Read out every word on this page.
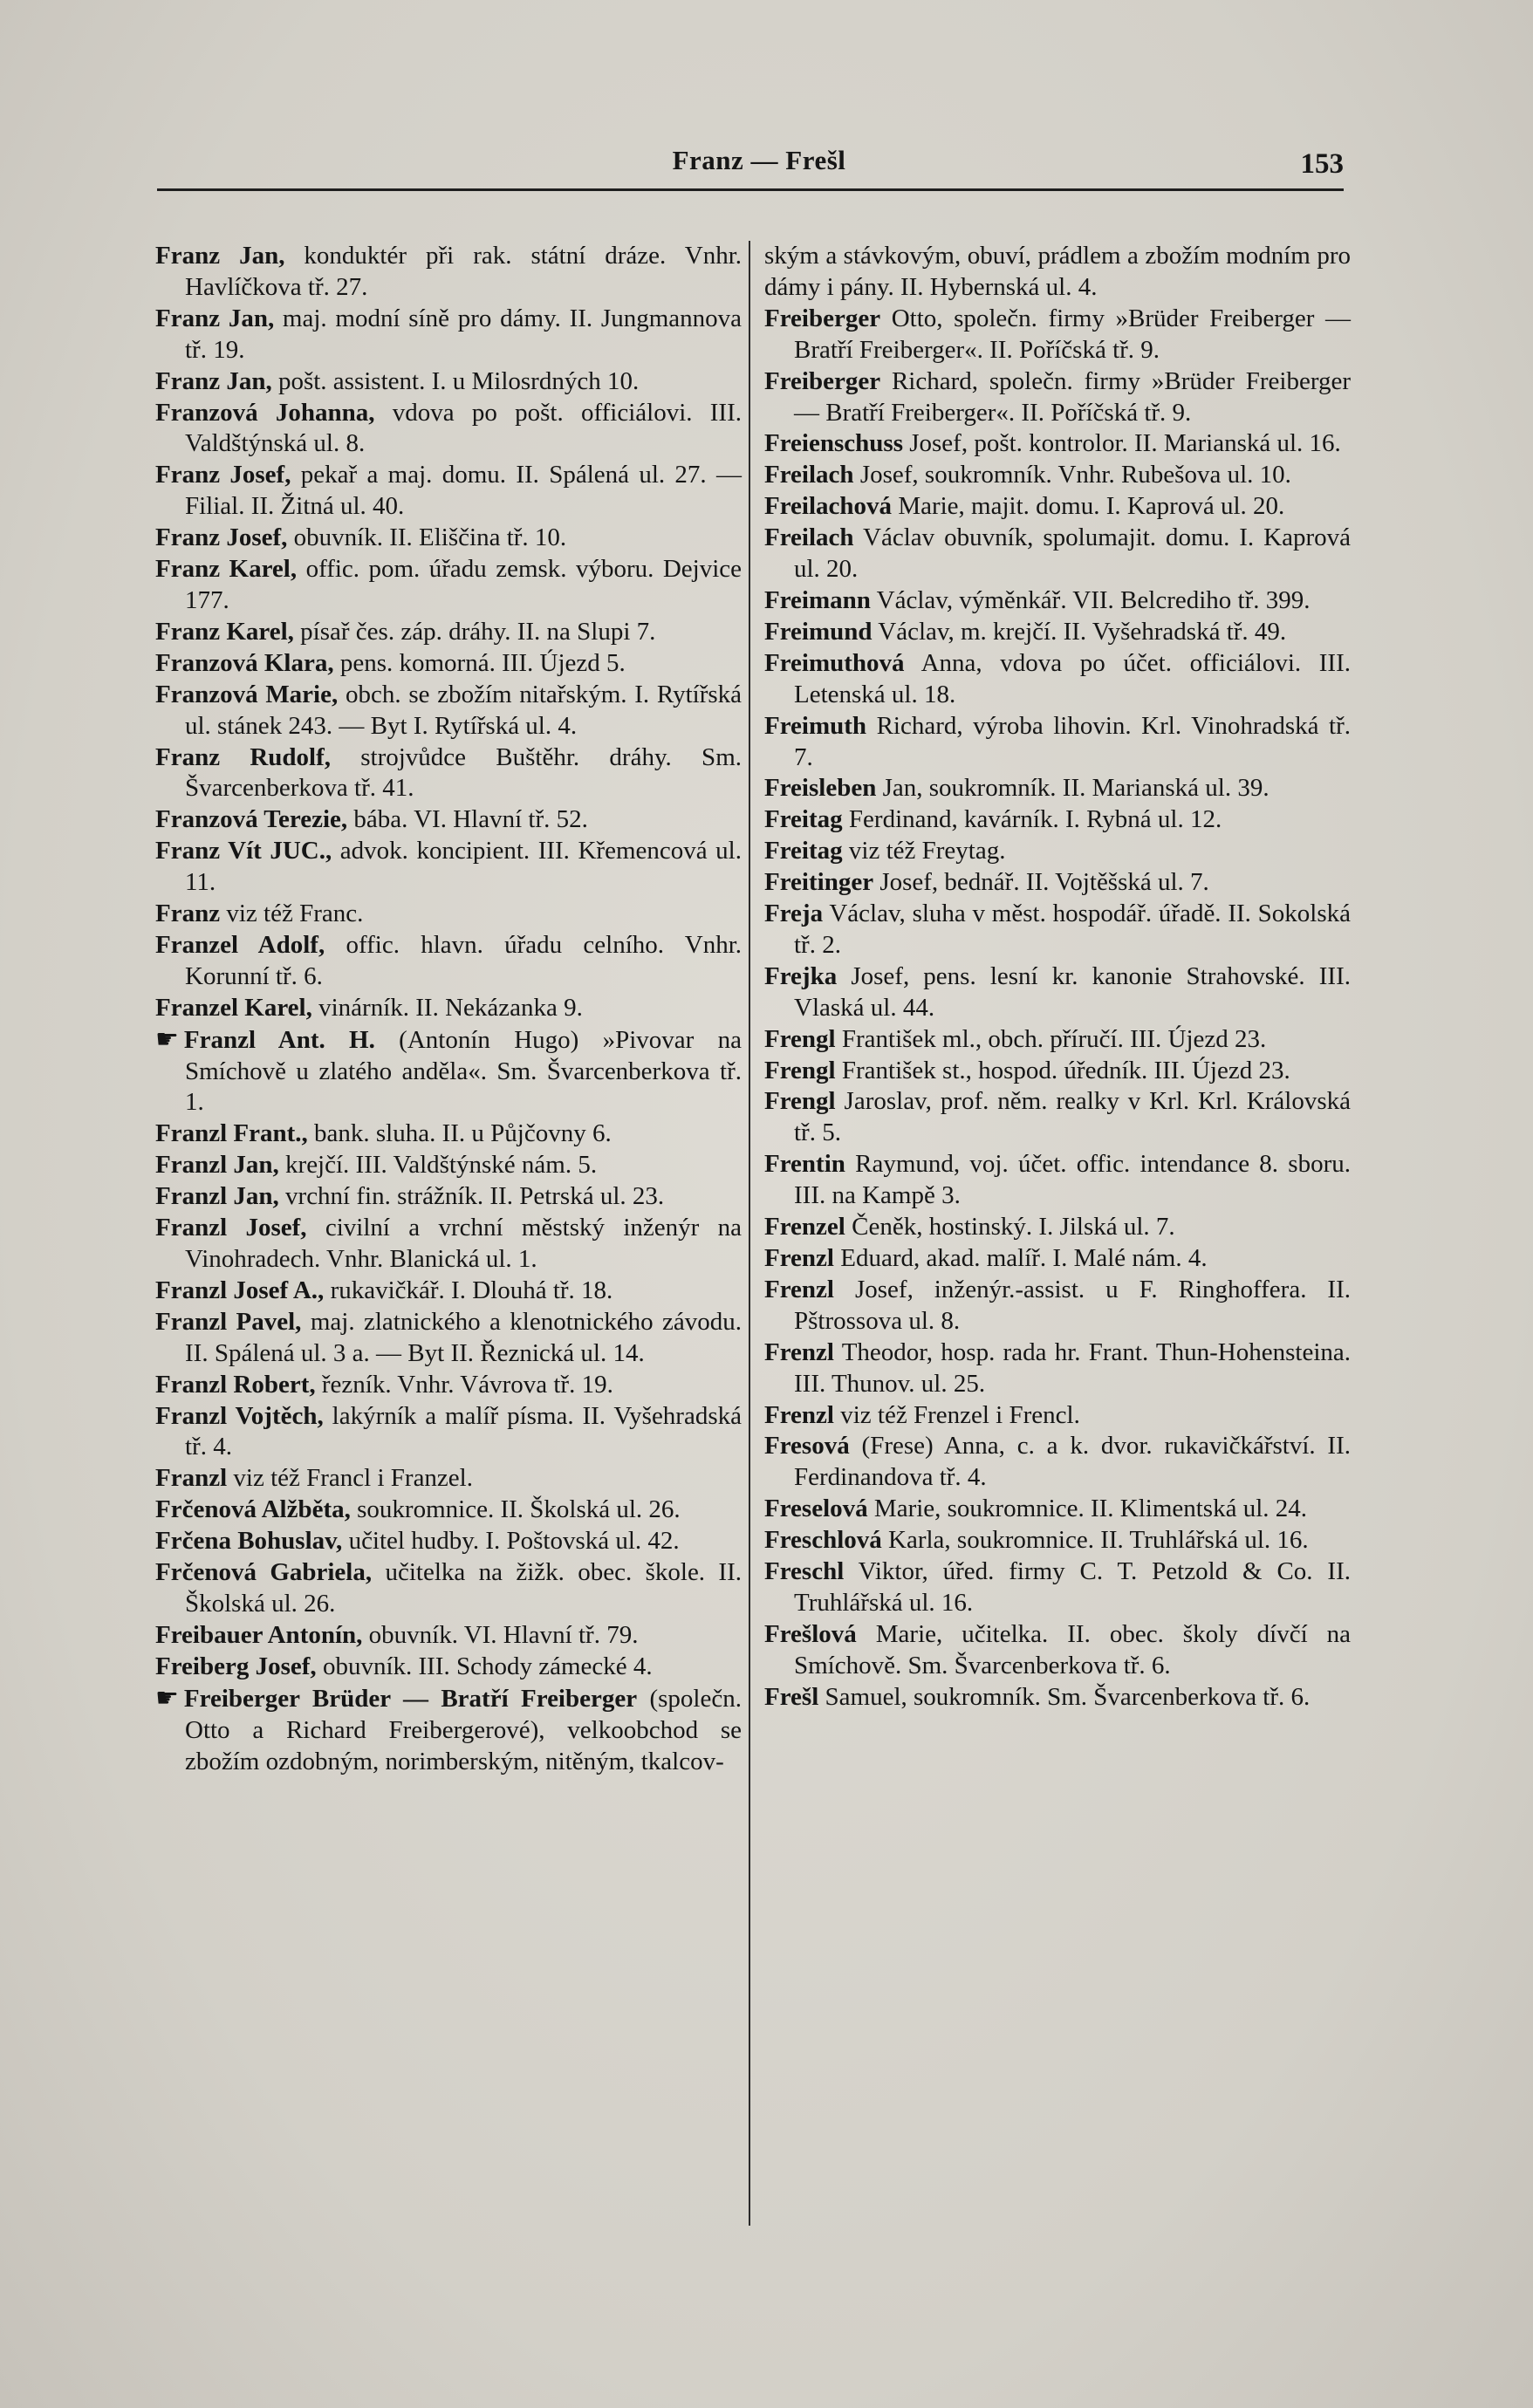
Franz — Frešl	153

Franz Jan, konduktér při rak. státní dráze. Vnhr. Havlíčkova tř. 27.

Franz Jan, maj. modní síně pro dámy. II. Jungmannova tř. 19.

Franz Jan, pošt. assistent. I. u Milosrdných 10.

Franzová Johanna, vdova po pošt. officiálovi. III. Valdštýnská ul. 8.

Franz Josef, pekař a maj. domu. II. Spálená ul. 27. — Filial. II. Žitná ul. 40.

Franz Josef, obuvník. II. Eliščina tř. 10.

Franz Karel, offic. pom. úřadu zemsk. výboru. Dejvice 177.

Franz Karel, písař čes. záp. dráhy. II. na Slupi 7.

Franzová Klara, pens. komorná. III. Újezd 5.

Franzová Marie, obch. se zbožím nitařským. I. Rytířská ul. stánek 243. — Byt I. Rytířská ul. 4.

Franz Rudolf, strojvůdce Buštěhr. dráhy. Sm. Švarcenberkova tř. 41.

Franzová Terezie, bába. VI. Hlavní tř. 52.

Franz Vít JUC., advok. koncipient. III. Křemencová ul. 11.

Franz viz též Franc.

Franzel Adolf, offic. hlavn. úřadu celního. Vnhr. Korunní tř. 6.

Franzel Karel, vinárník. II. Nekázanka 9.

☛ Franzl Ant. H. (Antonín Hugo) »Pivovar na Smíchově u zlatého anděla«. Sm. Švarcenberkova tř. 1.

Franzl Frant., bank. sluha. II. u Půjčovny 6.

Franzl Jan, krejčí. III. Valdštýnské nám. 5.

Franzl Jan, vrchní fin. strážník. II. Petrská ul. 23.

Franzl Josef, civilní a vrchní městský inženýr na Vinohradech. Vnhr. Blanická ul. 1.

Franzl Josef A., rukavičkář. I. Dlouhá tř. 18.

Franzl Pavel, maj. zlatnického a klenotnického závodu. II. Spálená ul. 3 a. — Byt II. Řeznická ul. 14.

Franzl Robert, řezník. Vnhr. Vávrova tř. 19.

Franzl Vojtěch, lakýrník a malíř písma. II. Vyšehradská tř. 4.

Franzl viz též Francl i Franzel.

Frčenová Alžběta, soukromnice. II. Školská ul. 26.

Frčena Bohuslav, učitel hudby. I. Poštovská ul. 42.

Frčenová Gabriela, učitelka na žižk. obec. škole. II. Školská ul. 26.

Freibauer Antonín, obuvník. VI. Hlavní tř. 79.

Freiberg Josef, obuvník. III. Schody zámecké 4.

☛ Freiberger Brüder — Bratří Freiberger (společn. Otto a Richard Freibergerové), velkoobchod se zbožím ozdobným, norimberským, nitěným, tkalcov-

ským a stávkovým, obuví, prádlem a zbožím modním pro dámy i pány. II. Hybernská ul. 4.

Freiberger Otto, společn. firmy »Brüder Freiberger — Bratří Freiberger«. II. Poříčská tř. 9.

Freiberger Richard, společn. firmy »Brüder Freiberger — Bratří Freiberger«. II. Poříčská tř. 9.

Freienschuss Josef, pošt. kontrolor. II. Marianská ul. 16.

Freilach Josef, soukromník. Vnhr. Rubešova ul. 10.

Freilachová Marie, majit. domu. I. Kaprová ul. 20.

Freilach Václav obuvník, spolumajit. domu. I. Kaprová ul. 20.

Freimann Václav, výměnkář. VII. Belcrediho tř. 399.

Freimund Václav, m. krejčí. II. Vyšehradská tř. 49.

Freimuthová Anna, vdova po účet. officiálovi. III. Letenská ul. 18.

Freimuth Richard, výroba lihovin. Krl. Vinohradská tř. 7.

Freisleben Jan, soukromník. II. Marianská ul. 39.

Freitag Ferdinand, kavárník. I. Rybná ul. 12.

Freitag viz též Freytag.

Freitinger Josef, bednář. II. Vojtěšská ul. 7.

Freja Václav, sluha v měst. hospodář. úřadě. II. Sokolská tř. 2.

Frejka Josef, pens. lesní kr. kanonie Strahovské. III. Vlaská ul. 44.

Frengl František ml., obch. příručí. III. Újezd 23.

Frengl František st., hospod. úředník. III. Újezd 23.

Frengl Jaroslav, prof. něm. realky v Krl. Krl. Královská tř. 5.

Frentin Raymund, voj. účet. offic. intendance 8. sboru. III. na Kampě 3.

Frenzel Čeněk, hostinský. I. Jilská ul. 7.

Frenzl Eduard, akad. malíř. I. Malé nám. 4.

Frenzl Josef, inženýr.-assist. u F. Ringhoffera. II. Pštrossova ul. 8.

Frenzl Theodor, hosp. rada hr. Frant. Thun-Hohensteina. III. Thunov. ul. 25.

Frenzl viz též Frenzel i Frencl.

Fresová (Frese) Anna, c. a k. dvor. rukavičkářství. II. Ferdinandova tř. 4.

Freselová Marie, soukromnice. II. Klimentská ul. 24.

Freschlová Karla, soukromnice. II. Truhlářská ul. 16.

Freschl Viktor, úřed. firmy C. T. Petzold & Co. II. Truhlářská ul. 16.

Frešlová Marie, učitelka. II. obec. školy dívčí na Smíchově. Sm. Švarcenberkova tř. 6.

Frešl Samuel, soukromník. Sm. Švarcenberkova tř. 6.
